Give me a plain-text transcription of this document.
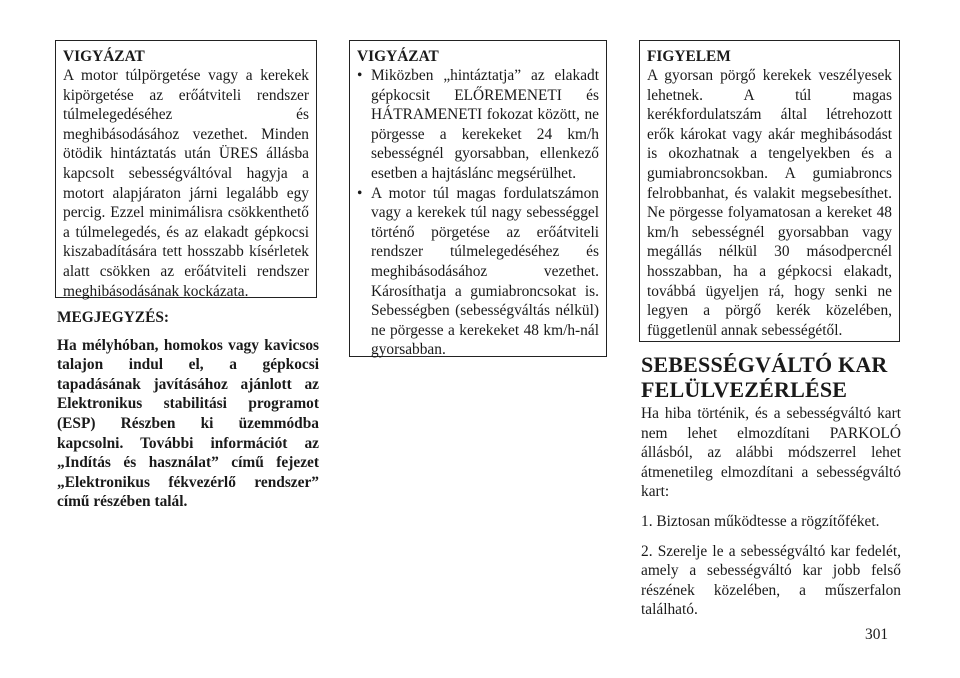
VIGYÁZAT
A motor túlpörgetése vagy a kerekek kipörgetése az erőátviteli rendszer túlmelegedéséhez és meghibásodásához vezethet. Minden ötödik hintáztatás után ÜRES állásba kapcsolt sebességváltóval hagyja a motort alapjáraton járni legalább egy percig. Ezzel minimálisra csökkenthető a túlmelegedés, és az elakadt gépkocsi kiszabadítására tett hosszabb kísérletek alatt csökken az erőátviteli rendszer meghibásodásának kockázata.

MEGJEGYZÉS:

Ha mélyhóban, homokos vagy kavicsos talajon indul el, a gépkocsi tapadásának javításához ajánlott az Elektronikus stabilitási programot (ESP) Részben ki üzemmódba kapcsolni. További információt az „Indítás és használat” című fejezet „Elektronikus fékvezérlő rendszer” című részében talál.

VIGYÁZAT
• Miközben „hintáztatja” az elakadt gépkocsit ELŐREMENETI és HÁTRAMENETI fokozat között, ne pörgesse a kerekeket 24 km/h sebességnél gyorsabban, ellenkező esetben a hajtáslánc megsérülhet.
• A motor túl magas fordulatszámon vagy a kerekek túl nagy sebességgel történő pörgetése az erőátviteli rendszer túlmelegedéséhez és meghibásodásához vezethet. Károsíthatja a gumiabroncsokat is. Sebességben (sebességváltás nélkül) ne pörgesse a kerekeket 48 km/h-nál gyorsabban.
FIGYELEM
A gyorsan pörgő kerekek veszélyesek lehetnek. A túl magas kerékfordulatszám által létrehozott erők károkat vagy akár meghibásodást is okozhatnak a tengelyekben és a gumiabroncsokban. A gumiabroncs felrobbanhat, és valakit megsebesíthet. Ne pörgesse folyamatosan a kereket 48 km/h sebességnél gyorsabban vagy megállás nélkül 30 másodpercnél hosszabban, ha a gépkocsi elakadt, továbbá ügyeljen rá, hogy senki ne legyen a pörgő kerék közelében, függetlenül annak sebességétől.
SEBESSÉGVÁLTÓ KAR FELÜLVEZÉRLÉSE

Ha hiba történik, és a sebességváltó kart nem lehet elmozdítani PARKOLÓ állásból, az alábbi módszerrel lehet átmenetileg elmozdítani a sebességváltó kart:

1. Biztosan működtesse a rögzítőféket.

2. Szerelje le a sebességváltó kar fedelét, amely a sebességváltó kar jobb felső részének közelében, a műszerfalon található.

301
